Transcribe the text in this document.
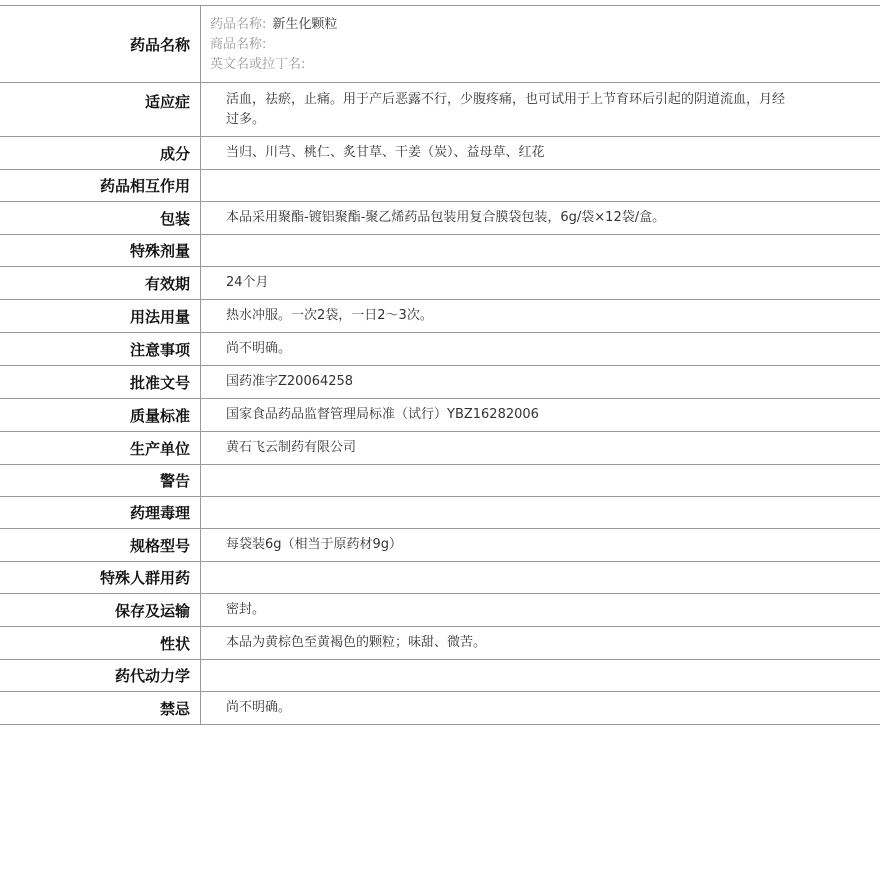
药品名称	药品名称: 新生化颗粒
商品名称:
英文名或拉丁名:

适应症	活血，祛瘀，止痛。用于产后恶露不行，少腹疼痛，也可试用于上节育环后引起的阴道流血，月经过多。

成分	当归、川芎、桃仁、炙甘草、干姜（炭）、益母草、红花
药品相互作用	
包装	本品采用聚酯-镀铝聚酯-聚乙烯药品包装用复合膜袋包装，6g/袋×12袋/盒。
特殊剂量	
有效期	24个月
用法用量	热水冲服。一次2袋，一日2～3次。
注意事项	尚不明确。
批准文号	国药准字Z20064258
质量标准	国家食品药品监督管理局标准（试行）YBZ16282006
生产单位	黄石飞云制药有限公司
警告	
药理毒理	
规格型号	每袋装6g（相当于原药材9g）
特殊人群用药	
保存及运输	密封。
性状	本品为黄棕色至黄褐色的颗粒；味甜、微苦。
药代动力学	
禁忌	尚不明确。
